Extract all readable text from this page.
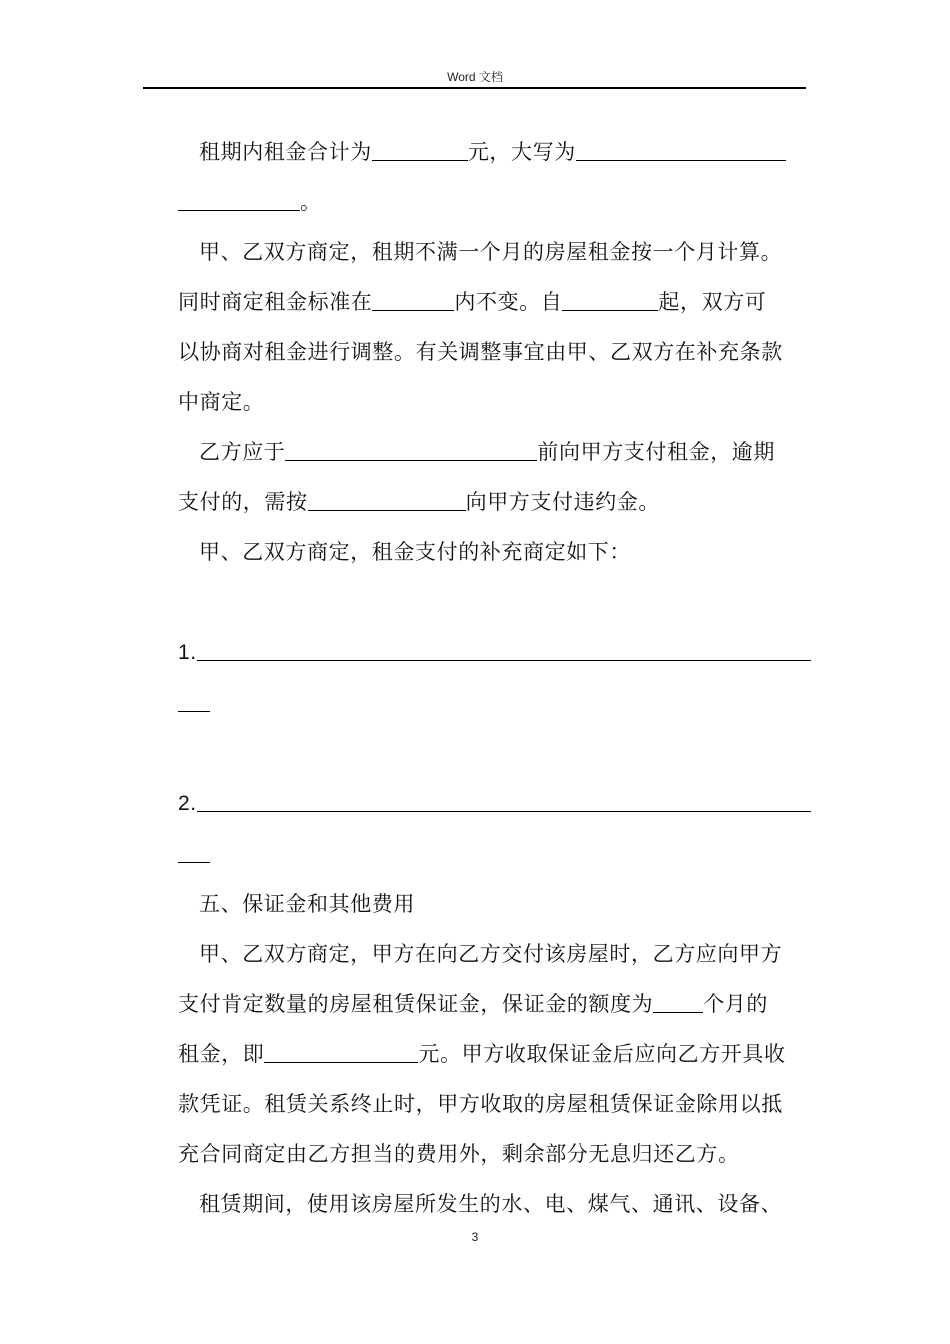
Word 文档

租期内租金合计为	元，大写为

。

甲、乙双方商定，租期不满一个月的房屋租金按一个月计算。

同时商定租金标准在	内不变。自	起，双方可

以协商对租金进行调整。有关调整事宜由甲、乙双方在补充条款

中商定。

乙方应于	前向甲方支付租金，逾期

支付的，需按	向甲方支付违约金。

甲、乙双方商定，租金支付的补充商定如下：

1.

2.

五、保证金和其他费用

甲、乙双方商定，甲方在向乙方交付该房屋时，乙方应向甲方

支付肯定数量的房屋租赁保证金，保证金的额度为 个月的

租金，即	元。甲方收取保证金后应向乙方开具收

款凭证。租赁关系终止时，甲方收取的房屋租赁保证金除用以抵

充合同商定由乙方担当的费用外，剩余部分无息归还乙方。

租赁期间，使用该房屋所发生的水、电、煤气、通讯、设备、

3
